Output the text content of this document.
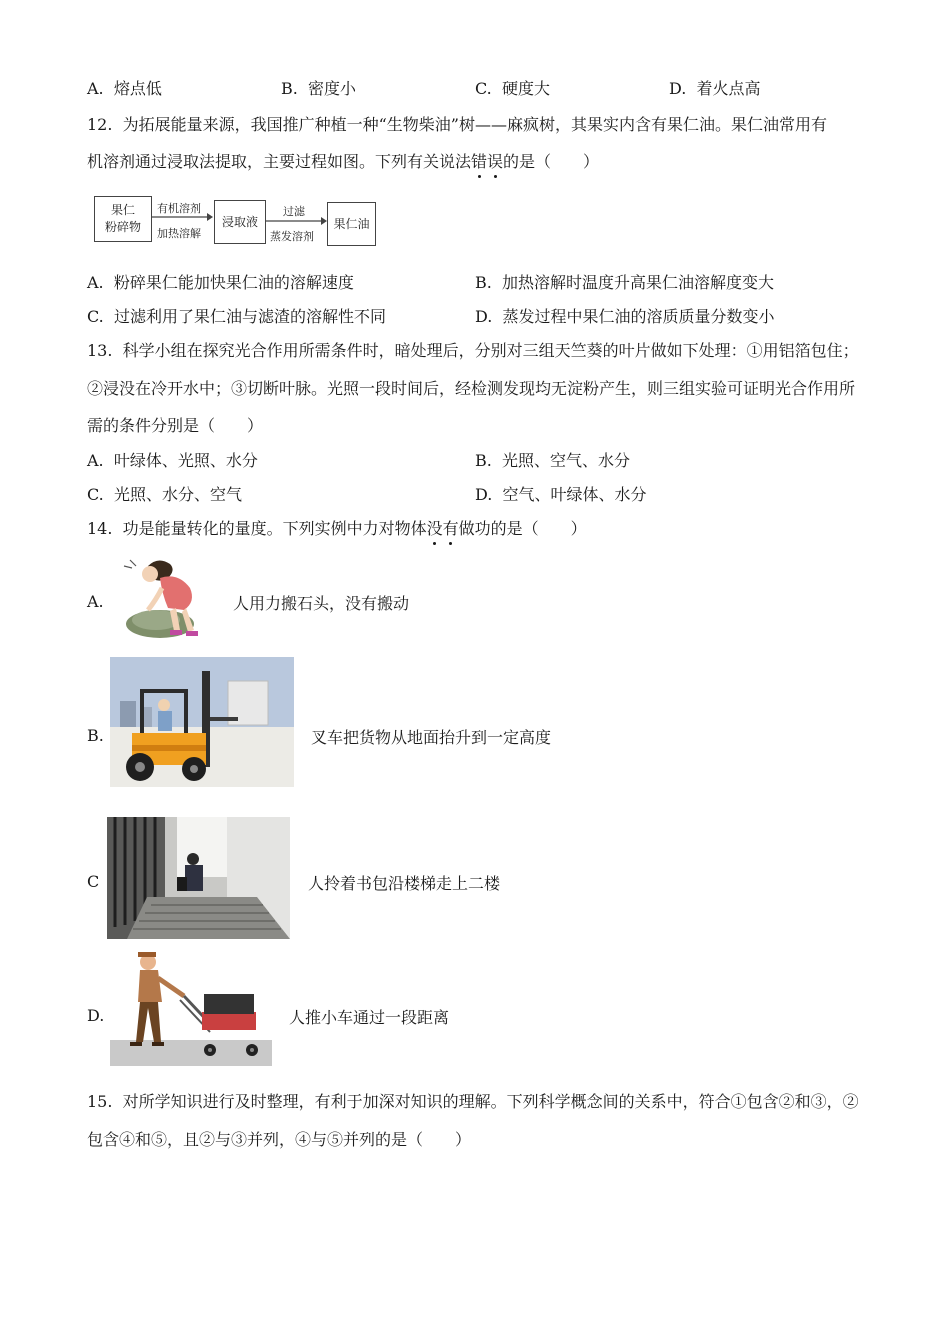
A. 熔点低	B. 密度小	C. 硬度大	D. 着火点高
12. 为拓展能量来源，我国推广种植一种“生物柴油”树——麻疯树，其果实内含有果仁油。果仁油常用有
机溶剂通过浸取法提取，主要过程如图。下列有关说法错误的是（　　）
果仁
粉碎物
有机溶剂
加热溶解
浸取液
过滤
蒸发溶剂
果仁油
A. 粉碎果仁能加快果仁油的溶解速度	B. 加热溶解时温度升高果仁油溶解度变大
C. 过滤利用了果仁油与滤渣的溶解性不同	D. 蒸发过程中果仁油的溶质质量分数变小
13. 科学小组在探究光合作用所需条件时，暗处理后，分别对三组天竺葵的叶片做如下处理：①用铝箔包住；
②浸没在冷开水中；③切断叶脉。光照一段时间后，经检测发现均无淀粉产生，则三组实验可证明光合作用所
需的条件分别是（　　）
A. 叶绿体、光照、水分	B. 光照、空气、水分
C. 光照、水分、空气	D. 空气、叶绿体、水分
14. 功是能量转化的量度。下列实例中力对物体没有做功的是（　　）
A.	人用力搬石头，没有搬动
B.	叉车把货物从地面抬升到一定高度
C	人拎着书包沿楼梯走上二楼
D.	人推小车通过一段距离
15. 对所学知识进行及时整理，有利于加深对知识的理解。下列科学概念间的关系中，符合①包含②和③，②
包含④和⑤，且②与③并列，④与⑤并列的是（　　）
